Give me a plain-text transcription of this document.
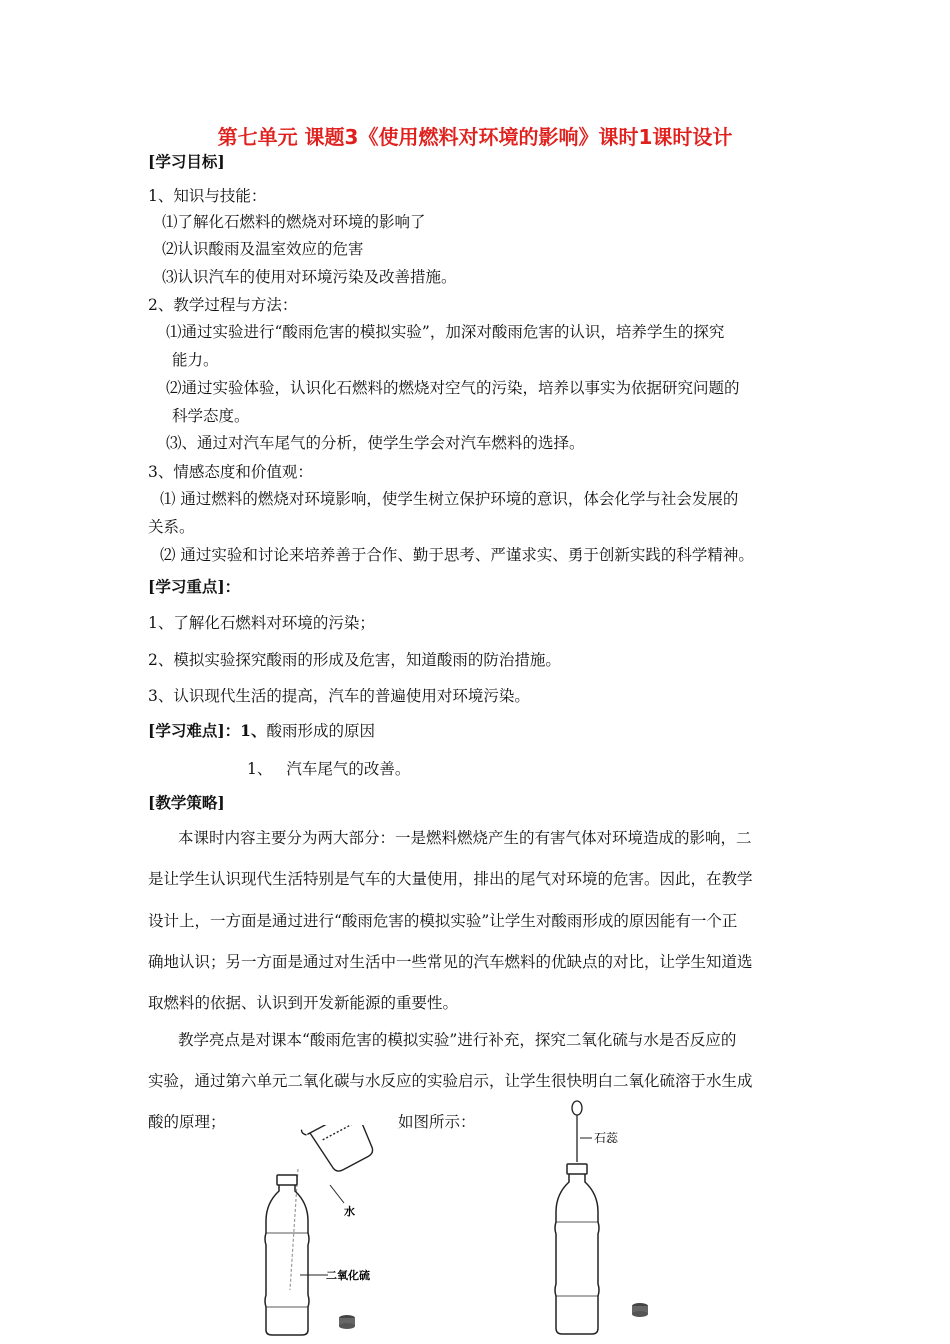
第七单元 课题3《使用燃料对环境的影响》课时1课时设计
[学习目标]
1、知识与技能：
⑴了解化石燃料的燃烧对环境的影响了
⑵认识酸雨及温室效应的危害
⑶认识汽车的使用对环境污染及改善措施。
2、教学过程与方法：
⑴通过实验进行“酸雨危害的模拟实验”，加深对酸雨危害的认识，培养学生的探究
能力。
⑵通过实验体验，认识化石燃料的燃烧对空气的污染，培养以事实为依据研究问题的
科学态度。
⑶、通过对汽车尾气的分析，使学生学会对汽车燃料的选择。
3、情感态度和价值观：
⑴ 通过燃料的燃烧对环境影响，使学生树立保护环境的意识，体会化学与社会发展的
关系。
⑵ 通过实验和讨论来培养善于合作、勤于思考、严谨求实、勇于创新实践的科学精神。
[学习重点]：
1、了解化石燃料对环境的污染；
2、模拟实验探究酸雨的形成及危害，知道酸雨的防治措施。
3、认识现代生活的提高，汽车的普遍使用对环境污染。
[学习难点]：1、酸雨形成的原因
1、 汽车尾气的改善。
[教学策略]
本课时内容主要分为两大部分：一是燃料燃烧产生的有害气体对环境造成的影响，二
是让学生认识现代生活特别是气车的大量使用，排出的尾气对环境的危害。因此，在教学
设计上，一方面是通过进行“酸雨危害的模拟实验”让学生对酸雨形成的原因能有一个正
确地认识；另一方面是通过对生活中一些常见的汽车燃料的优缺点的对比，让学生知道选
取燃料的依据、认识到开发新能源的重要性。
教学亮点是对课本“酸雨危害的模拟实验”进行补充，探究二氧化硫与水是否反应的
实验，通过第六单元二氧化碳与水反应的实验启示，让学生很快明白二氧化硫溶于水生成
酸的原理；	如图所示：
水
二氧化硫
石蕊
